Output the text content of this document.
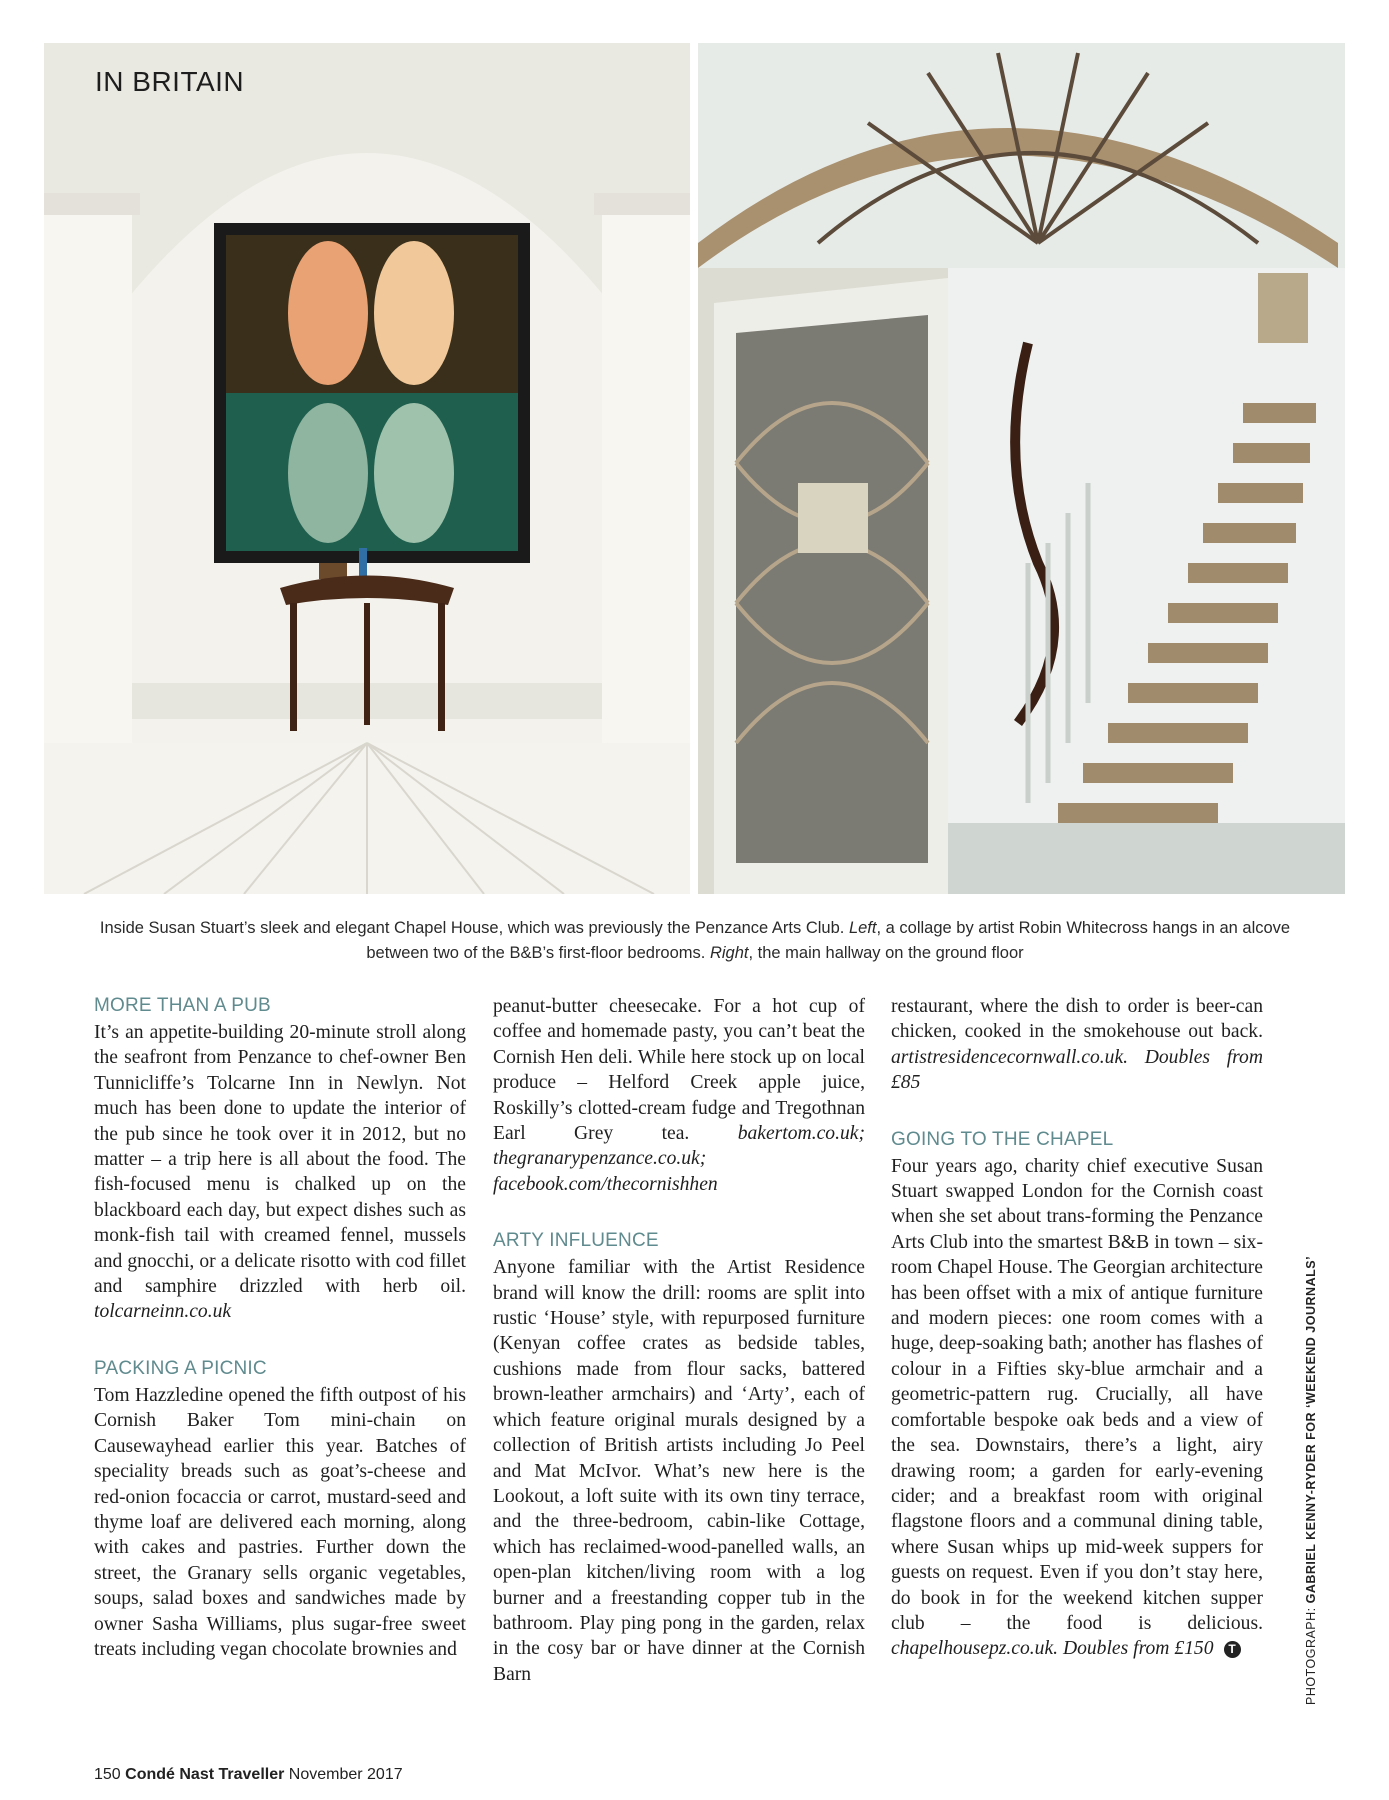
IN BRITAIN

Inside Susan Stuart’s sleek and elegant Chapel House, which was previously the Penzance Arts Club. Left, a collage by artist Robin Whitecross hangs in an alcove between two of the B&B’s first-floor bedrooms. Right, the main hallway on the ground floor

MORE THAN A PUB

It’s an appetite-building 20-minute stroll along the seafront from Penzance to chef-owner Ben Tunnicliffe’s Tolcarne Inn in Newlyn. Not much has been done to update the interior of the pub since he took over it in 2012, but no matter – a trip here is all about the food. The fish-focused menu is chalked up on the blackboard each day, but expect dishes such as monk-fish tail with creamed fennel, mussels and gnocchi, or a delicate risotto with cod fillet and samphire drizzled with herb oil. tolcarneinn.co.uk

PACKING A PICNIC

Tom Hazzledine opened the fifth outpost of his Cornish Baker Tom mini-chain on Causewayhead earlier this year. Batches of speciality breads such as goat’s-cheese and red-onion focaccia or carrot, mustard-seed and thyme loaf are delivered each morning, along with cakes and pastries. Further down the street, the Granary sells organic vegetables, soups, salad boxes and sandwiches made by owner Sasha Williams, plus sugar-free sweet treats including vegan chocolate brownies and

peanut-butter cheesecake. For a hot cup of coffee and homemade pasty, you can’t beat the Cornish Hen deli. While here stock up on local produce – Helford Creek apple juice, Roskilly’s clotted-cream fudge and Tregothnan Earl Grey tea. bakertom.co.uk; thegranarypenzance.co.uk; facebook.com/thecornishhen

ARTY INFLUENCE

Anyone familiar with the Artist Residence brand will know the drill: rooms are split into rustic ‘House’ style, with repurposed furniture (Kenyan coffee crates as bedside tables, cushions made from flour sacks, battered brown-leather armchairs) and ‘Arty’, each of which feature original murals designed by a collection of British artists including Jo Peel and Mat McIvor. What’s new here is the Lookout, a loft suite with its own tiny terrace, and the three-bedroom, cabin-like Cottage, which has reclaimed-wood-panelled walls, an open-plan kitchen/living room with a log burner and a freestanding copper tub in the bathroom. Play ping pong in the garden, relax in the cosy bar or have dinner at the Cornish Barn

restaurant, where the dish to order is beer-can chicken, cooked in the smokehouse out back. artistresidencecornwall.co.uk. Doubles from £85

GOING TO THE CHAPEL

Four years ago, charity chief executive Susan Stuart swapped London for the Cornish coast when she set about trans-forming the Penzance Arts Club into the smartest B&B in town – six-room Chapel House. The Georgian architecture has been offset with a mix of antique furniture and modern pieces: one room comes with a huge, deep-soaking bath; another has flashes of colour in a Fifties sky-blue armchair and a geometric-pattern rug. Crucially, all have comfortable bespoke oak beds and a view of the sea. Downstairs, there’s a light, airy drawing room; a garden for early-evening cider; and a breakfast room with original flagstone floors and a communal dining table, where Susan whips up mid-week suppers for guests on request. Even if you don’t stay here, do book in for the weekend kitchen supper club – the food is delicious. chapelhousepz.co.uk. Doubles from £150 T	PHOTOGRAPH: GABRIEL KENNY-RYDER FOR ‘WEEKEND JOURNALS’
150 Condé Nast Traveller November 2017
